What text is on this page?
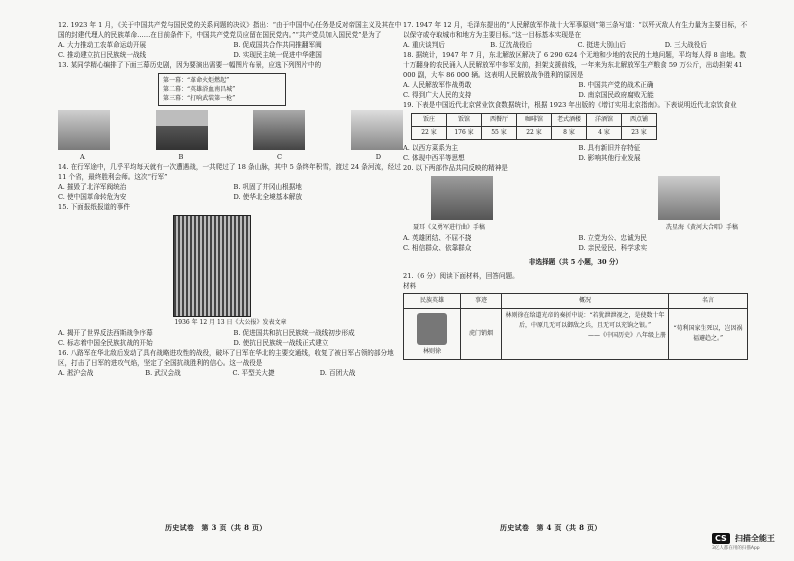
12. 1923 年 1 月，《关于中国共产党与国民党的关系问题的决议》指出：“由于中国中心任务是反对帝国主义及其在中国的封建代理人的民族革命……在目前条件下，中国共产党党员应留在国民党内。”“共产党员加入国民党”是为了
A. 大力推动工农革命运动开展	B. 促成国共合作共同推翻军阀
C. 推动建立抗日民族统一战线	D. 实现民主统一促进中华建国
13. 某同学精心编排了下面三幕历史剧，因为要演出需要一幅图片布景，应选下列图片中的
第一幕：“革命火炬燃起”
第二幕：“英雄浴血南昌城”
第三幕：“打响武装第一枪”
A	B	C	D
14. 在行军途中，几乎平均每天就有一次遭遇战，一共爬过了 18 条山脉，其中 5 条终年积雪，渡过 24 条河流，经过 11 个省，最终胜利会师。这次“行军”
A. 摧毁了北洋军阀统治	B. 巩固了井冈山根据地
C. 使中国革命转危为安	D. 使华北全境基本解放
15. 下面报纸报道的事件
1936 年 12 月 13 日《大公报》发表文章
A. 揭开了世界反法西斯战争序幕	B. 促进国共和抗日民族统一战线初步形成
C. 标志着中国全民族抗战的开始	D. 使抗日民族统一战线正式建立
16. 八路军在华北敌后发动了具有战略进攻性的战役，破坏了日军在华北的主要交通线，收复了被日军占领的部分地区，打击了日军的进攻气焰，坚定了全国抗战胜利的信心。这一战役是
A. 淞沪会战	B. 武汉会战	C. 平型关大捷	D. 百团大战
17. 1947 年 12 月，毛泽东提出的“人民解放军作战十大军事原则”第三条写道：“以歼灭敌人有生力量为主要目标，不以保守或夺取城市和地方为主要目标。”这一目标基本实现是在
A. 重庆谈判后	B. 辽沈战役后	C. 挺进大别山后	D. 三大战役后
18. 据统计，1947 年 7 月，东北解放区解决了 6 290 624 个无地和少地的农民的土地问题，平均每人得 8 亩地。数十万翻身的农民涌入人民解放军中参军支前，担架支援前线，一年来为东北解放军生产粮食 59 万公斤，出动担架 41 000 副，大车 86 000 辆。这表明人民解放战争胜利的原因是
A. 人民解放军作战勇敢	B. 中国共产党的战术正确
C. 得到广大人民的支持	D. 南京国民政府腐败无能
19. 下表是中国近代北京营业饮食数据统计，根据 1923 年出版的《增订实用北京指南》。下表说明近代北京饮食业
饭庄	饭馆	西餐厅	咖啡馆	老式酒楼	洋酒馆	西点铺
22 家	176 家	55 家	22 家	8 家	4 家	23 家
A. 以西方菜系为主	B. 具有新旧并存特征
C. 体现中西平等思想	D. 影响其他行业发展
20. 以下两部作品共同反映的精神是
聂耳《义勇军进行曲》手稿	冼星海《黄河大合唱》手稿
A. 英雄团结、不屈不挠	B. 立党为公、忠诚为民
C. 相信群众、依靠群众	D. 亲民爱民、科学求实
非选择题（共 5 小题，30 分）
21.（6 分）阅读下面材料，回答问题。
材料
民族英雄	事迹	概况	名言

林则徐	虎门销烟	林则徐在给道光帝的奏折中说：“若犹泄泄视之，是使数十年后，中原几无可以御敌之兵，且无可以充饷之银。”
——《中国历史》八年级上册	“苟利国家生死以，岂因祸福避趋之。”
历史试卷　第 3 页（共 8 页）	历史试卷　第 4 页（共 8 页）
CS 扫描全能王
3亿人都在用的扫描App
